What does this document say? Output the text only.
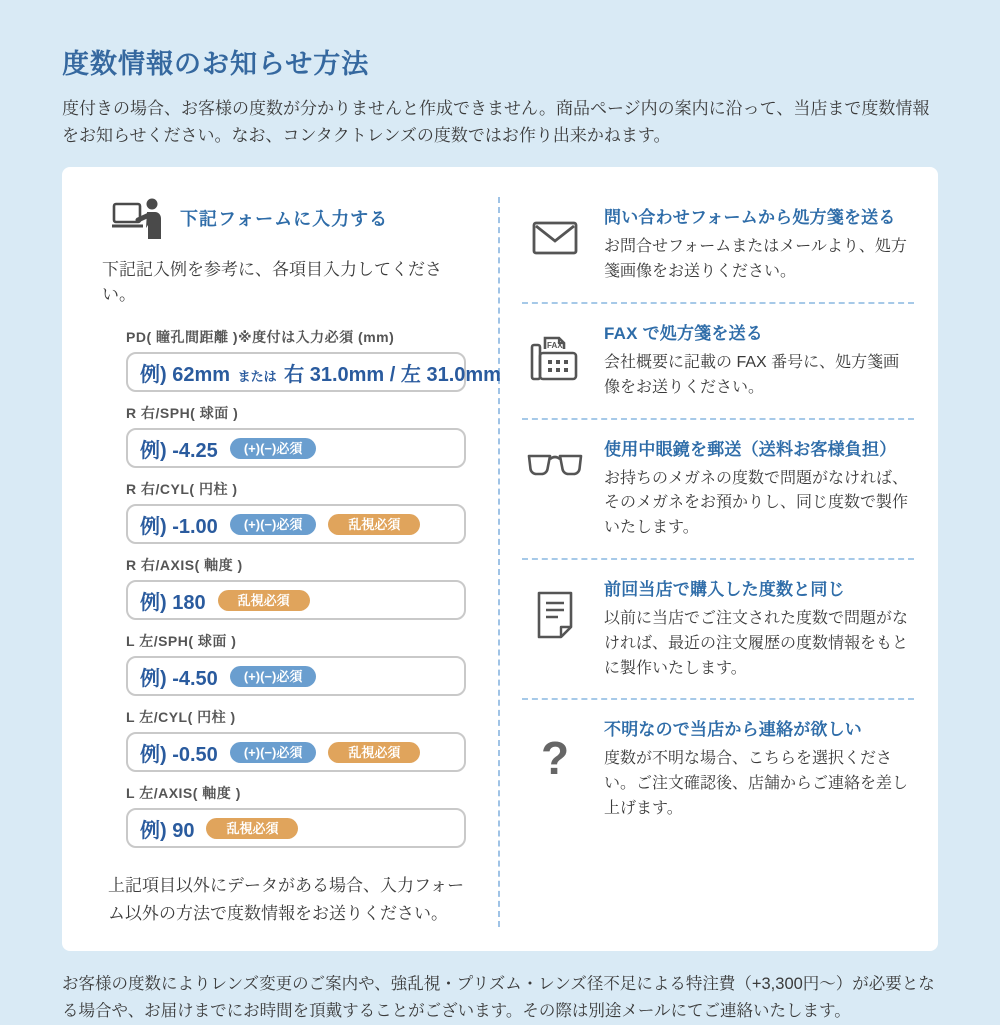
度数情報のお知らせ方法

度付きの場合、お客様の度数が分かりませんと作成できません。商品ページ内の案内に沿って、当店まで度数情報をお知らせください。なお、コンタクトレンズの度数ではお作り出来かねます。

下記フォームに入力する

下記記入例を参考に、各項目入力してください。

PD( 瞳孔間距離 )※度付は入力必須 (mm)
例) 62mm または 右 31.0mm / 左 31.0mm
R 右/SPH( 球面 )
例) -4.25	(+)(−)必須
R 右/CYL( 円柱 )
例) -1.00	(+)(−)必須	乱視必須
R 右/AXIS( 軸度 )
例) 180	乱視必須
L 左/SPH( 球面 )
例) -4.50	(+)(−)必須
L 左/CYL( 円柱 )
例) -0.50	(+)(−)必須	乱視必須
L 左/AXIS( 軸度 )
例) 90	乱視必須

上記項目以外にデータがある場合、入力フォーム以外の方法で度数情報をお送りください。

問い合わせフォームから処方箋を送る
お問合せフォームまたはメールより、処方箋画像をお送りください。
FAX
FAX で処方箋を送る
会社概要に記載の FAX 番号に、処方箋画像をお送りください。
使用中眼鏡を郵送（送料お客様負担）
お持ちのメガネの度数で問題がなければ、そのメガネをお預かりし、同じ度数で製作いたします。
前回当店で購入した度数と同じ
以前に当店でご注文された度数で問題がなければ、最近の注文履歴の度数情報をもとに製作いたします。
?
不明なので当店から連絡が欲しい
度数が不明な場合、こちらを選択ください。ご注文確認後、店舗からご連絡を差し上げます。

お客様の度数によりレンズ変更のご案内や、強乱視・プリズム・レンズ径不足による特注費（+3,300円〜）が必要となる場合や、お届けまでにお時間を頂戴することがございます。その際は別途メールにてご連絡いたします。
